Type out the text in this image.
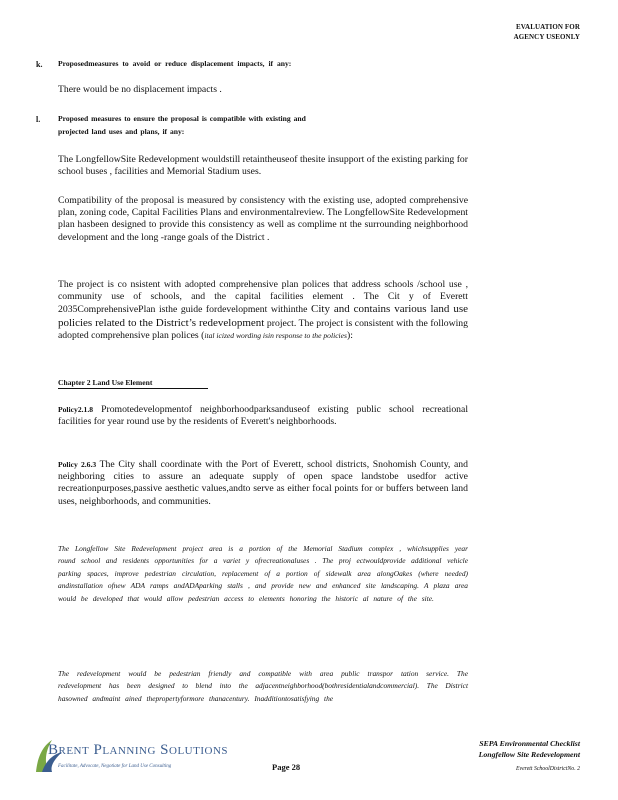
EVALUATION FOR
AGENCY USEONLY
k. Proposedmeasures to avoid or reduce displacement impacts, if any:
There would be no displacement impacts .
l. Proposed measures to ensure the proposal is compatible with existing and
projected land uses and plans, if any:
The LongfellowSite Redevelopment wouldstill retaintheuseof thesite insupport of the existing parking for school buses , facilities and Memorial Stadium uses.
Compatibility of the proposal is measured by consistency with the existing use, adopted comprehensive plan, zoning code, Capital Facilities Plans and environmentalreview. The LongfellowSite Redevelopment plan hasbeen designed to provide this consistency as well as complime nt the surrounding neighborhood development and the long -range goals of the District .
The project is co nsistent with adopted comprehensive plan polices that address schools /school use , community use of schools, and the capital facilities element . The Cit y of Everett 2035ComprehensivePlan isthe guide fordevelopment withinthe City and contains various land use policies related to the District’s redevelopment project. The project is consistent with the following adopted comprehensive plan polices (ital icized wording isin response to the policies):
Chapter 2 Land Use Element
Policy2.1.8 Promotedevelopmentof neighborhoodparksanduseof existing public school recreational facilities for year round use by the residents of Everett's neighborhoods.
Policy 2.6.3 The City shall coordinate with the Port of Everett, school districts, Snohomish County, and neighboring cities to assure an adequate supply of open space landstobe usedfor active recreationpurposes,passive aesthetic values,andto serve as either focal points for or buffers between land uses, neighborhoods, and communities.
The Longfellow Site Redevelopment project area is a portion of the Memorial Stadium complex , whichsupplies year round school and residents opportunities for a variet y ofrecreationaluses . The proj ectwouldprovide additional vehicle parking spaces, improve pedestrian circulation, replacement of a portion of sidewalk area alongOakes (where needed) andinstallation ofnew ADA ramps andADAparking stalls , and provide new and enhanced site landscaping. A plaza area would be developed that would allow pedestrian access to elements honoring the historic al nature of the site.
The redevelopment would be pedestrian friendly and compatible with area public transpor tation service. The redevelopment has been designed to blend into the adjacentneighborhood(bothresidentialandcommercial). The District hasowned andmaint ained thepropertyformore thanacentury. Inadditiontosatisfying the
Brent Planning Solutions
Facilitate, Advocate, Negotiate for Land Use Consulting	Page 28
SEPA Environmental Checklist
Longfellow Site Redevelopment
Everett SchoolDistrictNo. 2
